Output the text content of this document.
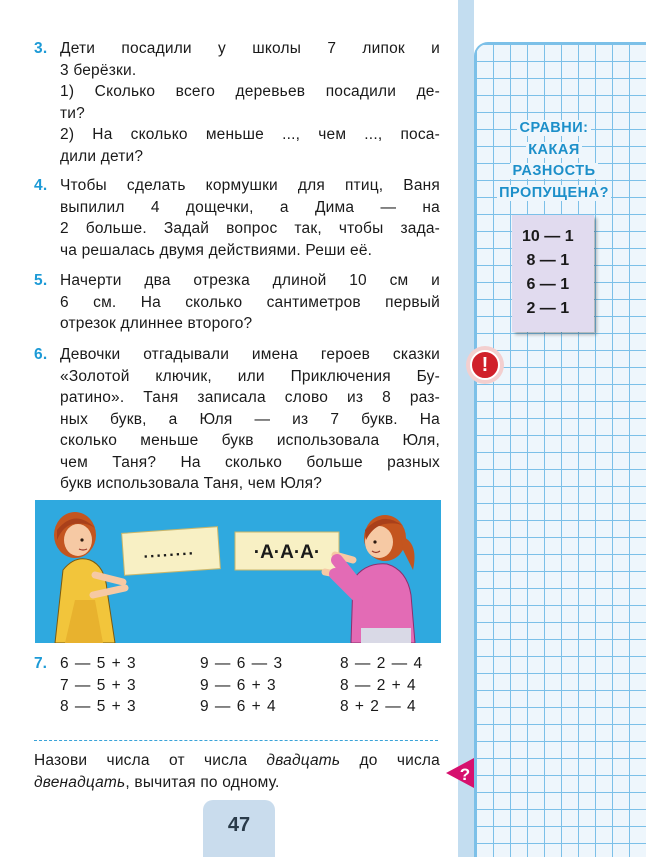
3. Дети посадили у школы 7 липок и
3 берёзки.
1) Сколько всего деревьев посадили де-
ти?
2) На сколько меньше ..., чем ..., поса-
дили дети?
4. Чтобы сделать кормушки для птиц, Ваня
выпилил 4 дощечки, а Дима — на
2 больше. Задай вопрос так, чтобы зада-
ча решалась двумя действиями. Реши её.
5. Начерти два отрезка длиной 10 см и
6 см. На сколько сантиметров первый
отрезок длиннее второго?
6. Девочки отгадывали имена героев сказки
«Золотой ключик, или Приключения Бу-
ратино». Таня записала слово из 8 раз-
ных букв, а Юля — из 7 букв. На
сколько меньше букв использовала Юля,
чем Таня? На сколько больше разных
букв использовала Таня, чем Юля?
........	·А·А·А·
7. 6 — 5 + 3
7 — 5 + 3
8 — 5 + 3
9 — 6 — 3
9 — 6 + 3
9 — 6 + 4
8 — 2 — 4
8 — 2 + 4
8 + 2 — 4
Назови числа от числа двадцать до числа
двенадцать, вычитая по одному.
47
СРАВНИ:
КАКАЯ
РАЗНОСТЬ
ПРОПУЩЕНА?
10 — 1
8 — 1
6 — 1
2 — 1
!
?
